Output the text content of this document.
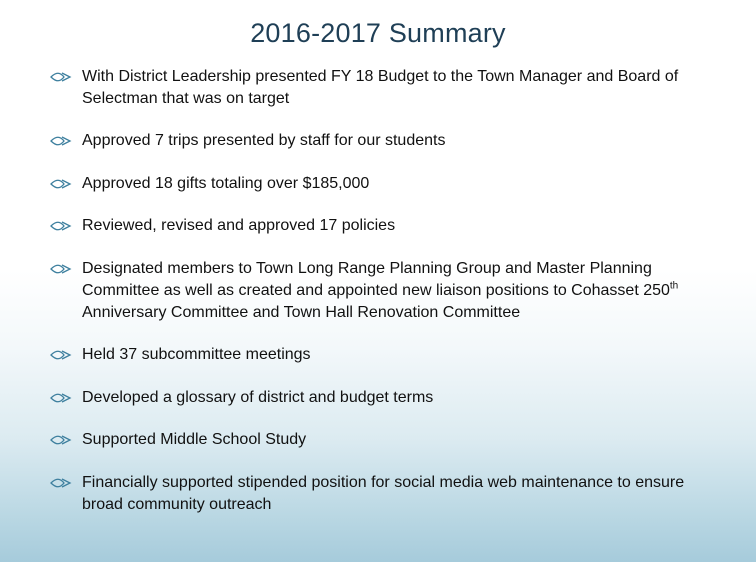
2016-2017 Summary
With District Leadership presented FY 18 Budget to the Town Manager and Board of Selectman that was on target
Approved 7 trips presented by staff for our students
Approved 18 gifts totaling over $185,000
Reviewed, revised and approved 17 policies
Designated members to Town Long Range Planning Group and Master Planning Committee as well as created and appointed new liaison positions to Cohasset 250th Anniversary Committee and Town Hall Renovation Committee
Held 37 subcommittee meetings
Developed a glossary of district and budget terms
Supported Middle School Study
Financially supported stipended position for social media web maintenance to ensure broad community outreach
